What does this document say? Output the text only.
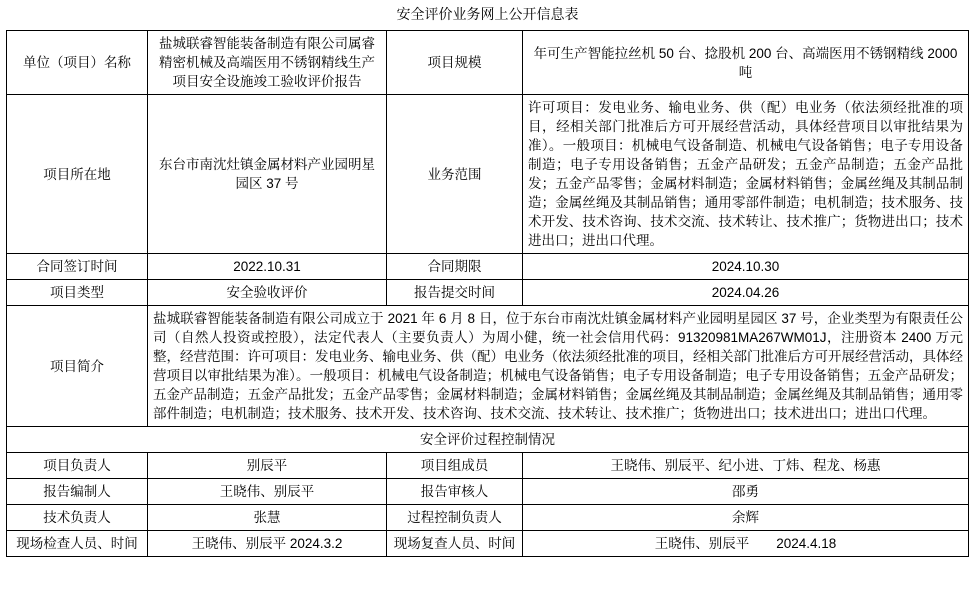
安全评价业务网上公开信息表
单位（项目）名称	盐城联睿智能装备制造有限公司属睿精密机械及高端医用不锈钢精线生产项目安全设施竣工验收评价报告	项目规模	年可生产智能拉丝机 50 台、捻股机 200 台、高端医用不锈钢精线 2000 吨
项目所在地	东台市南沈灶镇金属材料产业园明星园区 37 号	业务范围	许可项目：发电业务、输电业务、供（配）电业务（依法须经批准的项目，经相关部门批准后方可开展经营活动，具体经营项目以审批结果为准）。一般项目：机械电气设备制造、机械电气设备销售；电子专用设备制造；电子专用设备销售；五金产品研发；五金产品制造；五金产品批发；五金产品零售；金属材料制造；金属材料销售；金属丝绳及其制品制造；金属丝绳及其制品销售；通用零部件制造；电机制造；技术服务、技术开发、技术咨询、技术交流、技术转让、技术推广；货物进出口；技术进出口；进出口代理。
合同签订时间	2022.10.31	合同期限	2024.10.30
项目类型	安全验收评价	报告提交时间	2024.04.26
项目简介	盐城联睿智能装备制造有限公司成立于 2021 年 6 月 8 日，位于东台市南沈灶镇金属材料产业园明星园区 37 号，企业类型为有限责任公司（自然人投资或控股），法定代表人（主要负责人）为周小健，统一社会信用代码：91320981MA267WM01J，注册资本 2400 万元整，经营范围：许可项目：发电业务、输电业务、供（配）电业务（依法须经批准的项目，经相关部门批准后方可开展经营活动，具体经营项目以审批结果为准）。一般项目：机械电气设备制造；机械电气设备销售；电子专用设备制造；电子专用设备销售；五金产品研发；五金产品制造；五金产品批发；五金产品零售；金属材料制造；金属材料销售；金属丝绳及其制品制造；金属丝绳及其制品销售；通用零部件制造；电机制造；技术服务、技术开发、技术咨询、技术交流、技术转让、技术推广；货物进出口；技术进出口；进出口代理。		
安全评价过程控制情况			
项目负责人	别辰平	项目组成员	王晓伟、别辰平、纪小进、丁炜、程龙、杨惠
报告编制人	王晓伟、别辰平	报告审核人	邵勇
技术负责人	张慧	过程控制负责人	余辉
现场检查人员、时间	王晓伟、别辰平 2024.3.2	现场复查人员、时间	王晓伟、别辰平　　2024.4.18
